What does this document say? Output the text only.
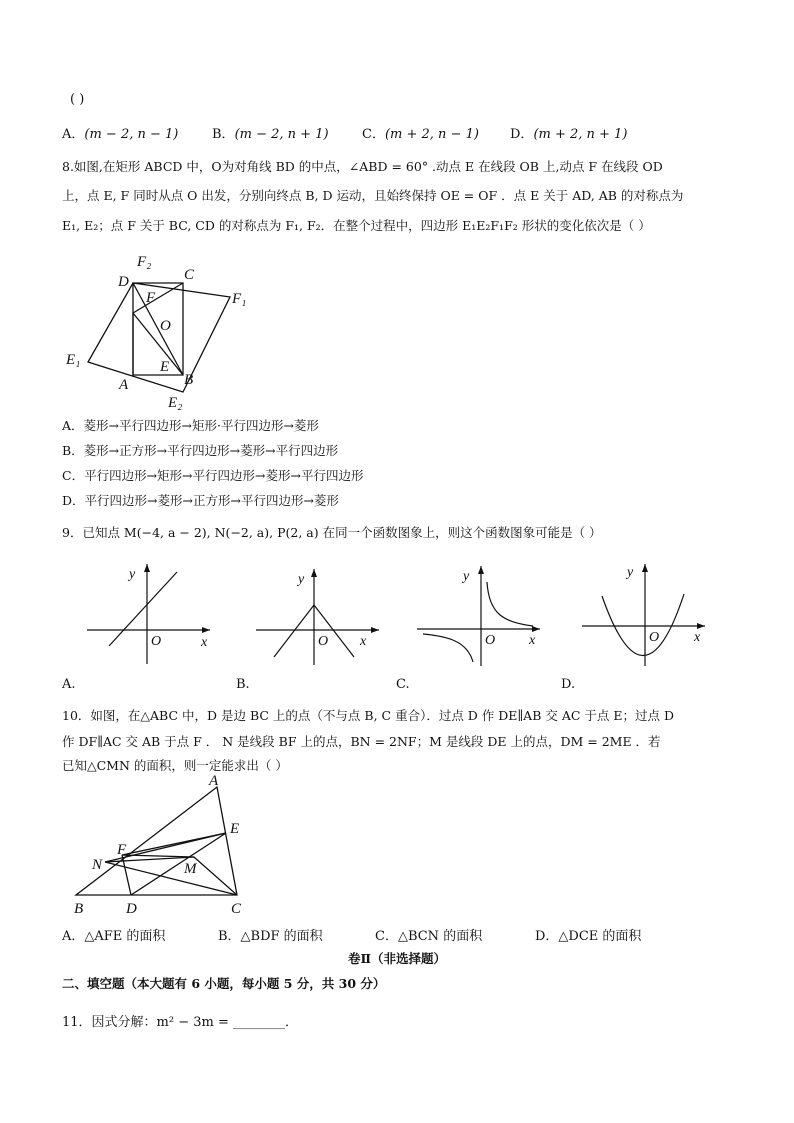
( )
A．(m − 2, n − 1)	B．(m − 2, n + 1)	C．(m + 2, n − 1) D．(m + 2, n + 1)
8.如图,在矩形 ABCD 中，O为对角线 BD 的中点，∠ABD = 60° .动点 E 在线段 OB 上,动点 F 在线段 OD
上，点 E, F 同时从点 O 出发，分别向终点 B, D 运动，且始终保持 OE = OF ．点 E 关于 AD, AB 的对称点为
E₁, E₂；点 F 关于 BC, CD 的对称点为 F₁, F₂．在整个过程中，四边形 E₁E₂F₁F₂ 形状的变化依次是（ ）
D
F₂
C
F₁
F
O
E₁	E
A	B
E₂
A．菱形→平行四边形→矩形·平行四边形→菱形
B．菱形→正方形→平行四边形→菱形→平行四边形
C．平行四边形→矩形→平行四边形→菱形→平行四边形
D．平行四边形→菱形→正方形→平行四边形→菱形
9．已知点 M(−4, a − 2), N(−2, a), P(2, a) 在同一个函数图象上，则这个函数图象可能是（ ）
y
x
O
y
x
O
y
x
O
y
x
O
A.	B.	C.	D.
10．如图，在△ABC 中，D 是边 BC 上的点（不与点 B, C 重合）．过点 D 作 DE∥AB 交 AC 于点 E；过点 D
作 DF∥AC 交 AB 于点 F ． N 是线段 BF 上的点，BN = 2NF；M 是线段 DE 上的点，DM = 2ME ．若
已知△CMN 的面积，则一定能求出（ ）
A
E
F
N	M
B	D	C
A．△AFE 的面积	B．△BDF 的面积	C．△BCN 的面积	D．△DCE 的面积
卷Ⅱ（非选择题）
二、填空题（本大题有 6 小题，每小题 5 分，共 30 分）
11．因式分解：m² − 3m = ________．
